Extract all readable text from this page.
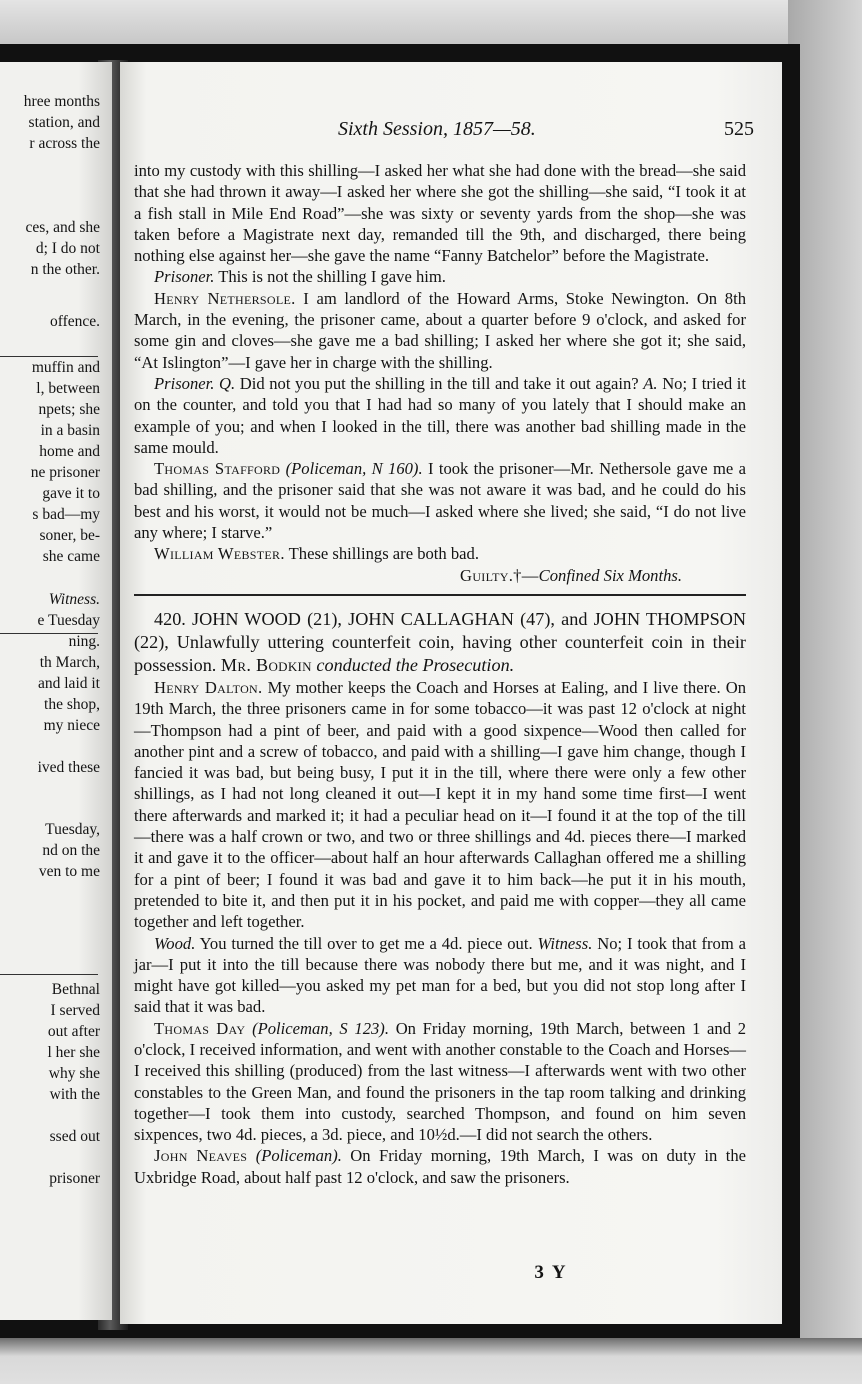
hree months
station, and
r across the
ces, and she
d; I do not
n the other.
offence.
muffin and
l, between
npets; she
in a basin
home and
ne prisoner
gave it to
s bad—my
soner, be-
she came
Witness.
e Tuesday
ning.
th March,
and laid it
the shop,
my niece
ived these
Tuesday,
nd on the
ven to me
Bethnal
I served
out after
l her she
why she
with the
ssed out
prisoner
Sixth Session, 1857—58.	525

into my custody with this shilling—I asked her what she had done with the bread—she said that she had thrown it away—I asked her where she got the shilling—she said, “I took it at a fish stall in Mile End Road”—she was sixty or seventy yards from the shop—she was taken before a Magistrate next day, remanded till the 9th, and discharged, there being nothing else against her—she gave the name “Fanny Batchelor” before the Magistrate.

Prisoner. This is not the shilling I gave him.

Henry Nethersole. I am landlord of the Howard Arms, Stoke Newington. On 8th March, in the evening, the prisoner came, about a quarter before 9 o'clock, and asked for some gin and cloves—she gave me a bad shilling; I asked her where she got it; she said, “At Islington”—I gave her in charge with the shilling.

Prisoner. Q. Did not you put the shilling in the till and take it out again? A. No; I tried it on the counter, and told you that I had had so many of you lately that I should make an example of you; and when I looked in the till, there was another bad shilling made in the same mould.

Thomas Stafford (Policeman, N 160). I took the prisoner—Mr. Nethersole gave me a bad shilling, and the prisoner said that she was not aware it was bad, and he could do his best and his worst, it would not be much—I asked where she lived; she said, “I do not live any where; I starve.”

William Webster. These shillings are both bad.

Guilty.†—Confined Six Months.

420. JOHN WOOD (21), JOHN CALLAGHAN (47), and JOHN THOMPSON (22), Unlawfully uttering counterfeit coin, having other counterfeit coin in their possession. Mr. Bodkin conducted the Prosecution.

Henry Dalton. My mother keeps the Coach and Horses at Ealing, and I live there. On 19th March, the three prisoners came in for some tobacco—it was past 12 o'clock at night—Thompson had a pint of beer, and paid with a good sixpence—Wood then called for another pint and a screw of tobacco, and paid with a shilling—I gave him change, though I fancied it was bad, but being busy, I put it in the till, where there were only a few other shillings, as I had not long cleaned it out—I kept it in my hand some time first—I went there afterwards and marked it; it had a peculiar head on it—I found it at the top of the till—there was a half crown or two, and two or three shillings and 4d. pieces there—I marked it and gave it to the officer—about half an hour afterwards Callaghan offered me a shilling for a pint of beer; I found it was bad and gave it to him back—he put it in his mouth, pretended to bite it, and then put it in his pocket, and paid me with copper—they all came together and left together.

Wood. You turned the till over to get me a 4d. piece out. Witness. No; I took that from a jar—I put it into the till because there was nobody there but me, and it was night, and I might have got killed—you asked my pet man for a bed, but you did not stop long after I said that it was bad.

Thomas Day (Policeman, S 123). On Friday morning, 19th March, between 1 and 2 o'clock, I received information, and went with another constable to the Coach and Horses—I received this shilling (produced) from the last witness—I afterwards went with two other constables to the Green Man, and found the prisoners in the tap room talking and drinking together—I took them into custody, searched Thompson, and found on him seven sixpences, two 4d. pieces, a 3d. piece, and 10½d.—I did not search the others.

John Neaves (Policeman). On Friday morning, 19th March, I was on duty in the Uxbridge Road, about half past 12 o'clock, and saw the prisoners.

3 Y
